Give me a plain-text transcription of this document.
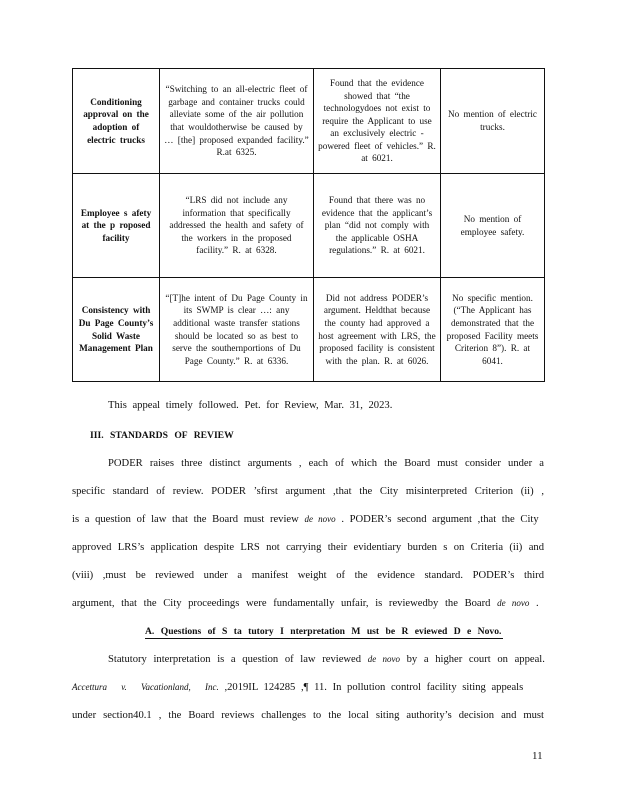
Conditioning approval on the adoption of electric trucks	“Switching to an all-electric fleet of garbage and container trucks could alleviate some of the air pollution that wouldotherwise be caused by … [the] proposed expanded facility.” R.at 6325.	Found that the evidence showed that “the technologydoes not exist to require the Applicant to use an exclusively electric - powered fleet of vehicles.” R. at 6021.	No mention of electric trucks.
Employee s afety at the p roposed facility	“LRS did not include any information that specifically addressed the health and safety of the workers in the proposed facility.” R. at 6328.	Found that there was no evidence that the applicant’s plan “did not comply with the applicable OSHA regulations.” R. at 6021.	No mention of employee safety.
Consistency with Du Page County’s Solid Waste Management Plan	“[T]he intent of Du Page County in its SWMP is clear …: any additional waste transfer stations should be located so as best to serve the southernportions of Du Page County.” R. at 6336.	Did not address PODER’s argument. Heldthat because the county had approved a host agreement with LRS, the proposed facility is consistent with the plan. R. at 6026.	No specific mention. (“The Applicant has demonstrated that the proposed Facility meets Criterion 8”). R. at 6041.
This appeal timely followed. Pet. for Review, Mar. 31, 2023.
III. STANDARDS OF REVIEW
PODER raises three distinct arguments , each of which the Board must consider under a
specific standard of review. PODER ’sfirst argument ,that the City misinterpreted Criterion (ii) ,
is a question of law that the Board must review de novo . PODER’s second argument ,that the City
approved LRS’s application despite LRS not carrying their evidentiary burden s on Criteria (ii) and
(viii) ,must be reviewed under a manifest weight of the evidence standard. PODER’s third
argument, that the City proceedings were fundamentally unfair, is reviewedby the Board de novo .
A. Questions of S ta tutory I nterpretation M ust be R eviewed D e Novo.
Statutory interpretation is a question of law reviewed de novo by a higher court on appeal.
Accettura v. Vacationland, Inc. ,2019IL 124285 ,¶ 11. In pollution control facility siting appeals
under section40.1 , the Board reviews challenges to the local siting authority’s decision and must
11
